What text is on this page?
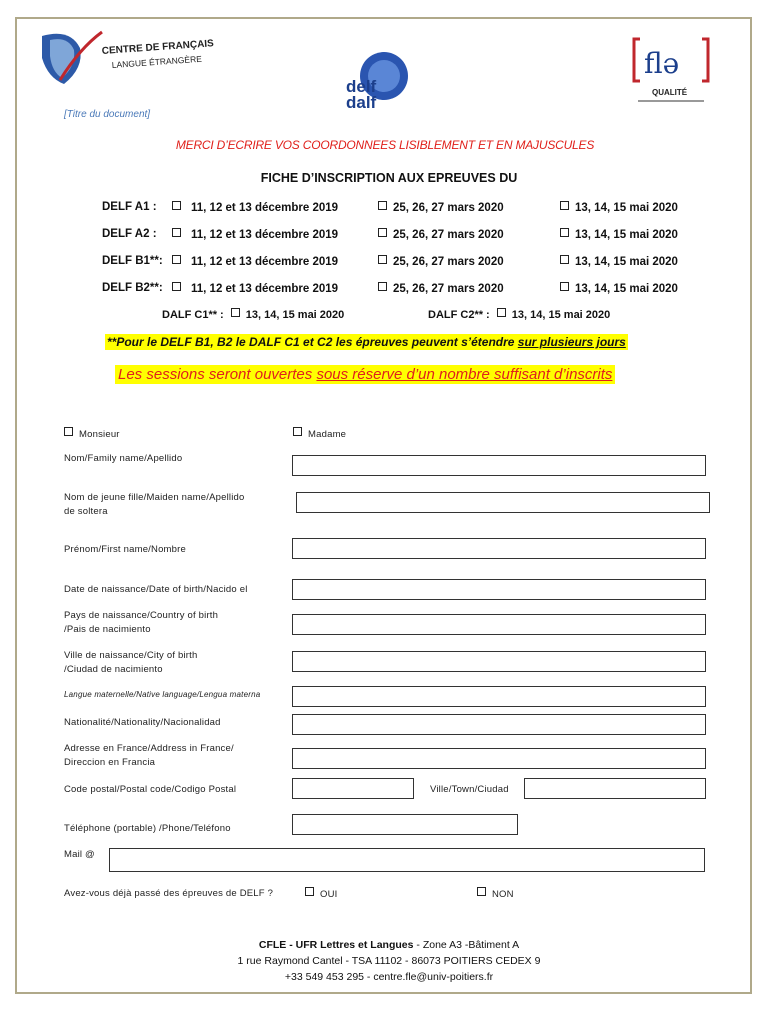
CENTRE DE FRANÇAIS
LANGUE ÉTRANGÈRE
delf
dalf
flə
QUALITÉ
[Titre du document]
MERCI D’ECRIRE VOS COORDONNEES LISIBLEMENT ET EN MAJUSCULES
FICHE D’INSCRIPTION AUX EPREUVES DU
DELF A1 :	11, 12 et 13 décembre 2019	25, 26, 27 mars 2020	13, 14, 15 mai 2020
DELF A2 :	11, 12 et 13 décembre 2019	25, 26, 27 mars 2020	13, 14, 15 mai 2020
DELF B1**:	11, 12 et 13 décembre 2019	25, 26, 27 mars 2020	13, 14, 15 mai 2020
DELF B2**:	11, 12 et 13 décembre 2019	25, 26, 27 mars 2020	13, 14, 15 mai 2020
DALF C1** : 13, 14, 15 mai 2020	DALF C2** : 13, 14, 15 mai 2020
**Pour le DELF B1, B2 le DALF C1 et C2 les épreuves peuvent s’étendre sur plusieurs jours
Les sessions seront ouvertes sous réserve d’un nombre suffisant d’inscrits
Monsieur	Madame
Nom/Family name/Apellido
Nom de jeune fille/Maiden name/Apellido
de soltera
Prénom/First name/Nombre
Date de naissance/Date of birth/Nacido el
Pays de naissance/Country of birth
/Pais de nacimiento
Ville de naissance/City of birth
/Ciudad de nacimiento
Langue maternelle/Native language/Lengua materna
Nationalité/Nationality/Nacionalidad
Adresse en France/Address in France/
Direccion en Francia
Code postal/Postal code/Codigo Postal	Ville/Town/Ciudad
Téléphone (portable) /Phone/Teléfono
Mail @
Avez-vous déjà passé des épreuves de DELF ?	OUI	NON
CFLE - UFR Lettres et Langues - Zone A3 -Bâtiment A
1 rue Raymond Cantel - TSA 11102 - 86073 POITIERS CEDEX 9
+33 549 453 295 - centre.fle@univ-poitiers.fr
